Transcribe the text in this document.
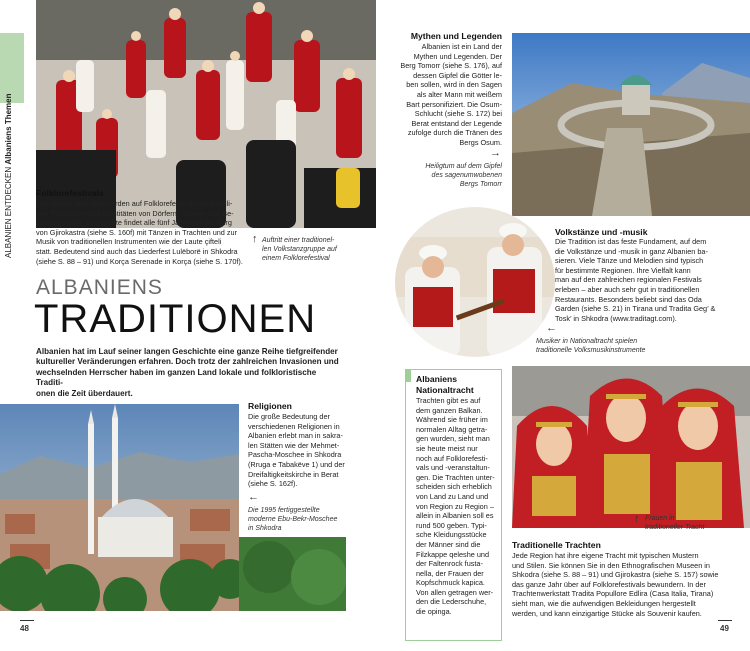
ALBANIEN ENTDECKEN Albaniens Themen
Folklorefestivals
Das ganze Jahr über werden auf Folklorefestivals die jeweili-
gen Traditionen und Identitäten von Dörfern, Städten und Be-
zirken gefeiert. Das größte findet alle fünf Jahre auf der Burg
von Gjirokastra (siehe S. 160f) mit Tänzen in Trachten und zur
Musik von traditionellen Instrumenten wie der Laute çifteli
statt. Bedeutend sind auch das Liederfest Lulëborë in Shkodra
(siehe S. 88 – 91) und Korça Serenade in Korça (siehe S. 170f).
↑ Auftritt einer traditionel-
len Volkstanzgruppe auf
einem Folklorefestival
ALBANIENS
TRADITIONEN
Albanien hat im Lauf seiner langen Geschichte eine ganze Reihe tiefgreifender
kultureller Veränderungen erfahren. Doch trotz der zahlreichen Invasionen und
wechselnden Herrscher haben im ganzen Land lokale und folkloristische Traditi-
onen die Zeit überdauert.
Religionen
Die große Bedeutung der
verschiedenen Religionen in
Albanien erlebt man in sakra-
len Stätten wie der Mehmet-
Pascha-Moschee in Shkodra
(Rruga e Tabakëve 1) und der
Dreifaltigkeitskirche in Berat
(siehe S. 162f).
←
Die 1995 fertiggestellte
moderne Ebu-Bekr-Moschee
in Shkodra
48
Mythen und Legenden
Albanien ist ein Land der
Mythen und Legenden. Der
Berg Tomorr (siehe S. 176), auf
dessen Gipfel die Götter le-
ben sollen, wird in den Sagen
als alter Mann mit weißem
Bart personifiziert. Die Osum-
Schlucht (siehe S. 172) bei
Berat entstand der Legende
zufolge durch die Tränen des
Bergs Osum.
→
Heiligtum auf dem Gipfel
des sagenumwobenen
Bergs Tomorr
←
Musiker in Nationaltracht spielen
traditionelle Volksmusikinstrumente
Volkstänze und -musik
Die Tradition ist das feste Fundament, auf dem
die Volkstänze und -musik in ganz Albanien ba-
sieren. Viele Tänze und Melodien sind typisch
für bestimmte Regionen. Ihre Vielfalt kann
man auf den zahlreichen regionalen Festivals
erleben – aber auch sehr gut in traditionellen
Restaurants. Besonders beliebt sind das Oda
Garden (siehe S. 21) in Tirana und Tradita Geg’ &
Tosk’ in Shkodra (www.traditagt.com).
Albaniens Nationaltracht
Trachten gibt es auf
dem ganzen Balkan.
Während sie früher im
normalen Alltag getra-
gen wurden, sieht man
sie heute meist nur
noch auf Folklorefesti-
vals und -veranstaltun-
gen. Die Trachten unter-
scheiden sich erheblich
von Land zu Land und
von Region zu Region –
allein in Albanien soll es
rund 500 geben. Typi-
sche Kleidungsstücke
der Männer sind die
Filzkappe qeleshe und
der Faltenrock fusta-
nella, der Frauen der
Kopfschmuck kapica.
Von allen getragen wer-
den die Lederschuhe,
die opinga.
↑ Frauen in
traditioneller Tracht
Traditionelle Trachten
Jede Region hat ihre eigene Tracht mit typischen Mustern
und Stilen. Sie können Sie in den Ethnografischen Museen in
Shkodra (siehe S. 88 – 91) und Gjirokastra (siehe S. 157) sowie
das ganze Jahr über auf Folklorefestivals bewundern. In der
Trachtenwerkstatt Tradita Popullore Edlira (Casa Italia, Tirana)
sieht man, wie die aufwendigen Bekleidungen hergestellt
werden, und kann einzigartige Stücke als Souvenir kaufen.
49
